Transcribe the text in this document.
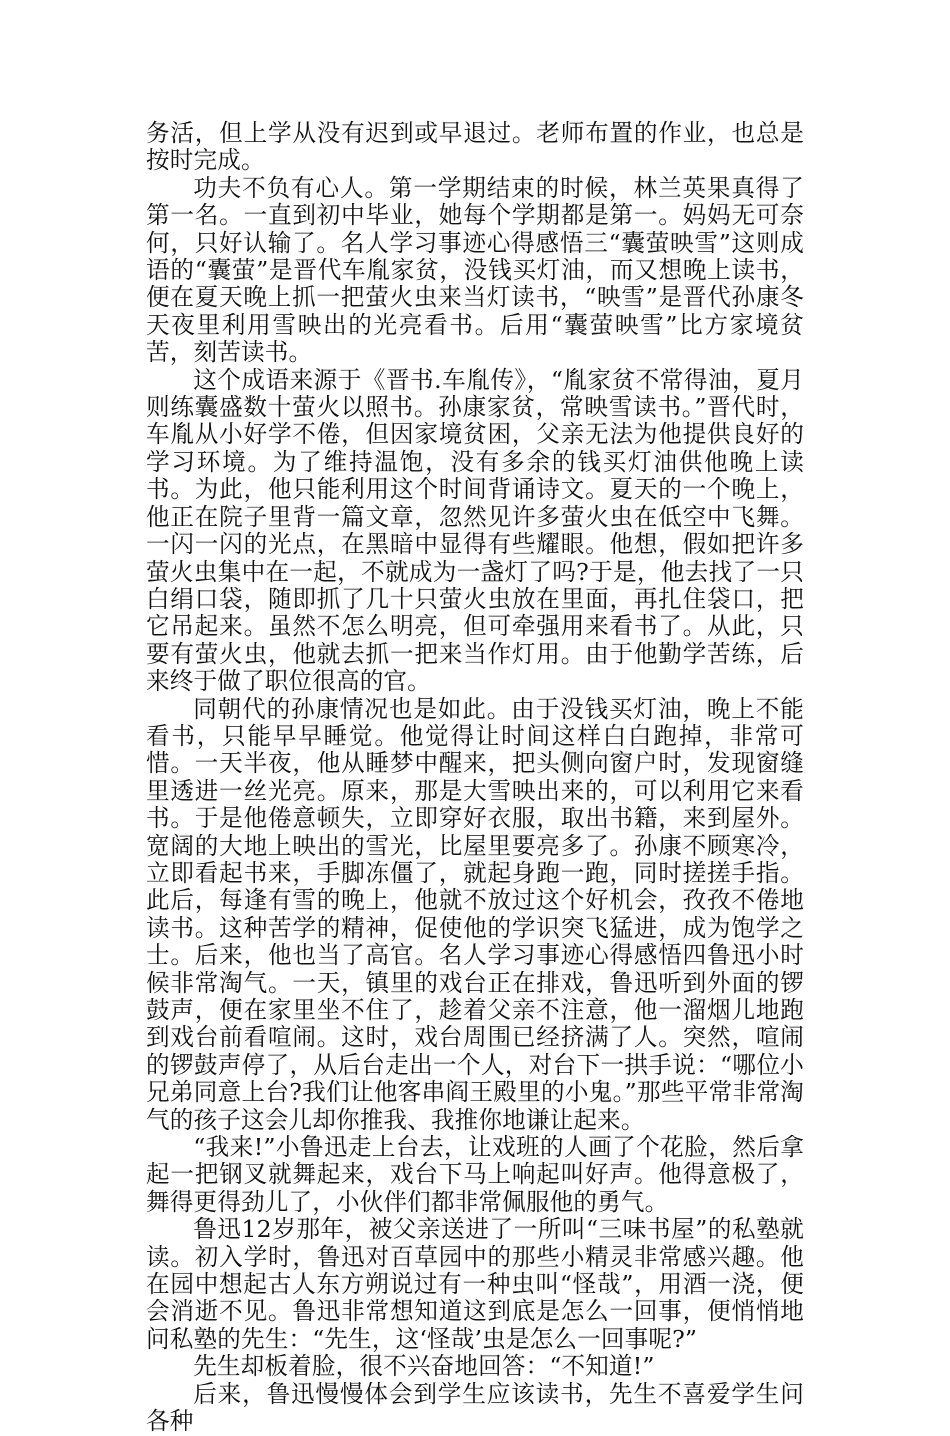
务活，但上学从没有迟到或早退过。老师布置的作业，也总是按时完成。

功夫不负有心人。第一学期结束的时候，林兰英果真得了第一名。一直到初中毕业，她每个学期都是第一。妈妈无可奈何，只好认输了。名人学习事迹心得感悟三“囊萤映雪”这则成语的“囊萤”是晋代车胤家贫，没钱买灯油，而又想晚上读书，便在夏天晚上抓一把萤火虫来当灯读书，“映雪”是晋代孙康冬天夜里利用雪映出的光亮看书。后用“囊萤映雪”比方家境贫苦，刻苦读书。

这个成语来源于《晋书.车胤传》，“胤家贫不常得油，夏月则练囊盛数十萤火以照书。孙康家贫，常映雪读书。”晋代时，车胤从小好学不倦，但因家境贫困，父亲无法为他提供良好的学习环境。为了维持温饱，没有多余的钱买灯油供他晚上读书。为此，他只能利用这个时间背诵诗文。夏天的一个晚上，他正在院子里背一篇文章，忽然见许多萤火虫在低空中飞舞。一闪一闪的光点，在黑暗中显得有些耀眼。他想，假如把许多萤火虫集中在一起，不就成为一盏灯了吗?于是，他去找了一只白绢口袋，随即抓了几十只萤火虫放在里面，再扎住袋口，把它吊起来。虽然不怎么明亮，但可牵强用来看书了。从此，只要有萤火虫，他就去抓一把来当作灯用。由于他勤学苦练，后来终于做了职位很高的官。

同朝代的孙康情况也是如此。由于没钱买灯油，晚上不能看书，只能早早睡觉。他觉得让时间这样白白跑掉，非常可惜。一天半夜，他从睡梦中醒来，把头侧向窗户时，发现窗缝里透进一丝光亮。原来，那是大雪映出来的，可以利用它来看书。于是他倦意顿失，立即穿好衣服，取出书籍，来到屋外。宽阔的大地上映出的雪光，比屋里要亮多了。孙康不顾寒冷，立即看起书来，手脚冻僵了，就起身跑一跑，同时搓搓手指。此后，每逢有雪的晚上，他就不放过这个好机会，孜孜不倦地读书。这种苦学的精神，促使他的学识突飞猛进，成为饱学之士。后来，他也当了高官。名人学习事迹心得感悟四鲁迅小时候非常淘气。一天，镇里的戏台正在排戏，鲁迅听到外面的锣鼓声，便在家里坐不住了，趁着父亲不注意，他一溜烟儿地跑到戏台前看喧闹。这时，戏台周围已经挤满了人。突然，喧闹的锣鼓声停了，从后台走出一个人，对台下一拱手说：“哪位小兄弟同意上台?我们让他客串阎王殿里的小鬼。”那些平常非常淘气的孩子这会儿却你推我、我推你地谦让起来。

“我来!”小鲁迅走上台去，让戏班的人画了个花脸，然后拿起一把钢叉就舞起来，戏台下马上响起叫好声。他得意极了，舞得更得劲儿了，小伙伴们都非常佩服他的勇气。

鲁迅12岁那年，被父亲送进了一所叫“三味书屋”的私塾就读。初入学时，鲁迅对百草园中的那些小精灵非常感兴趣。他在园中想起古人东方朔说过有一种虫叫“怪哉”，用酒一浇，便会消逝不见。鲁迅非常想知道这到底是怎么一回事，便悄悄地问私塾的先生：“先生，这‘怪哉’虫是怎么一回事呢?”

先生却板着脸，很不兴奋地回答：“不知道!”

后来，鲁迅慢慢体会到学生应该读书，先生不喜爱学生问各种
